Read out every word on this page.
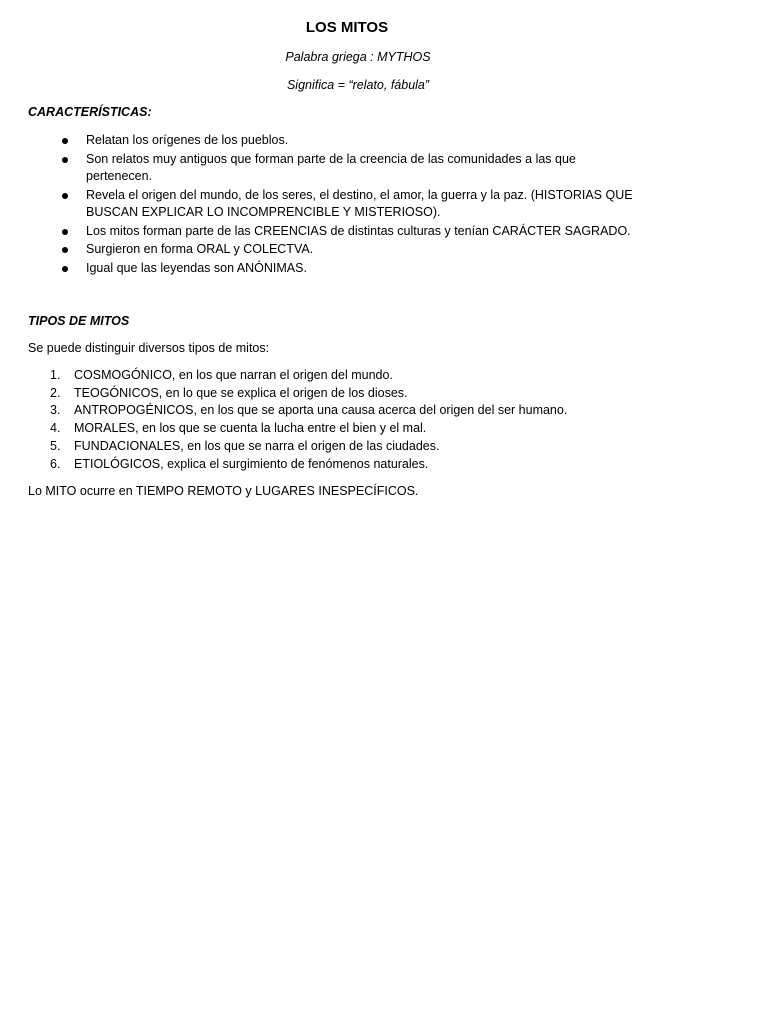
LOS MITOS

Palabra griega : MYTHOS

Significa = “relato, fábula”

CARACTERÍSTICAS:

Relatan los orígenes de los pueblos.
Son relatos muy antiguos que forman parte de la creencia de las comunidades a las que pertenecen.
Revela el origen del mundo, de los seres, el destino, el amor, la guerra y la paz. (HISTORIAS QUE BUSCAN EXPLICAR LO INCOMPRENCIBLE Y MISTERIOSO).
Los mitos forman parte de las CREENCIAS de distintas culturas y tenían CARÁCTER SAGRADO.
Surgieron en forma ORAL y COLECTVA.
Igual que las leyendas son ANÓNIMAS.

TIPOS DE MITOS

Se puede distinguir diversos tipos de mitos:

1. COSMOGÓNICO, en los que narran el origen del mundo.
2. TEOGÓNICOS, en lo que se explica el origen de los dioses.
3. ANTROPOGÉNICOS, en los que se aporta una causa acerca del origen del ser humano.
4. MORALES, en los que se cuenta la lucha entre el bien y el mal.
5. FUNDACIONALES, en los que se narra el origen de las ciudades.
6. ETIOLÓGICOS, explica el surgimiento de fenómenos naturales.

Lo MITO ocurre en TIEMPO REMOTO y LUGARES INESPECÍFICOS.
